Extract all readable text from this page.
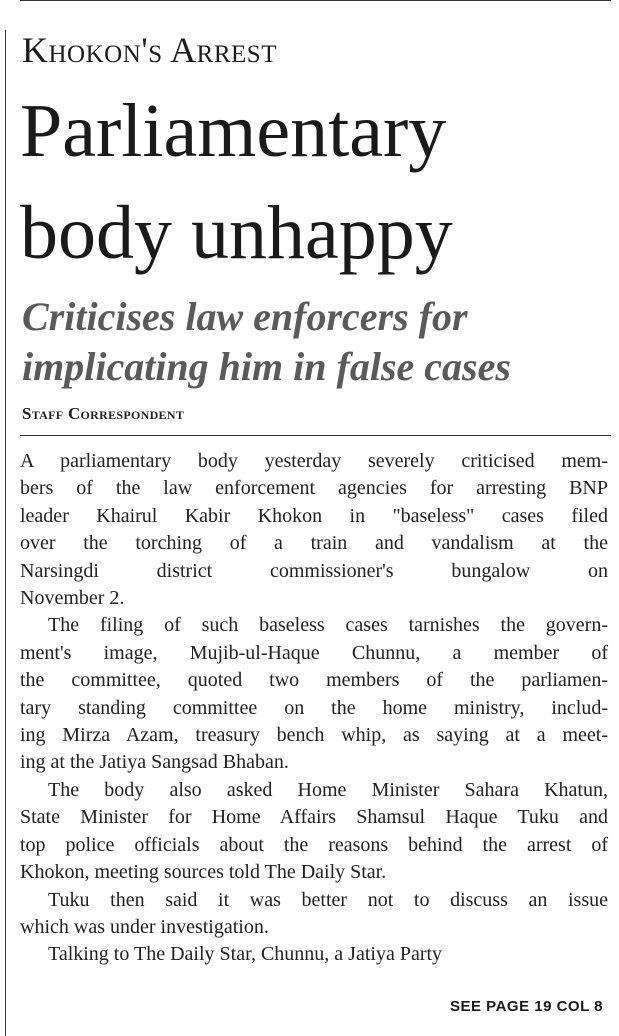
Khokon's Arrest
Parliamentary
body unhappy
Criticises law enforcers for
implicating him in false cases
Staff Correspondent

A parliamentary body yesterday severely criticised mem-
bers of the law enforcement agencies for arresting BNP
leader Khairul Kabir Khokon in "baseless" cases filed
over the torching of a train and vandalism at the
Narsingdi district commissioner's bungalow on
November 2.

The filing of such baseless cases tarnishes the govern-
ment's image, Mujib-ul-Haque Chunnu, a member of
the committee, quoted two members of the parliamen-
tary standing committee on the home ministry, includ-
ing Mirza Azam, treasury bench whip, as saying at a meet-
ing at the Jatiya Sangsad Bhaban.

The body also asked Home Minister Sahara Khatun,
State Minister for Home Affairs Shamsul Haque Tuku and
top police officials about the reasons behind the arrest of
Khokon, meeting sources told The Daily Star.

Tuku then said it was better not to discuss an issue
which was under investigation.

Talking to The Daily Star, Chunnu, a Jatiya Party

SEE PAGE 19 COL 8
